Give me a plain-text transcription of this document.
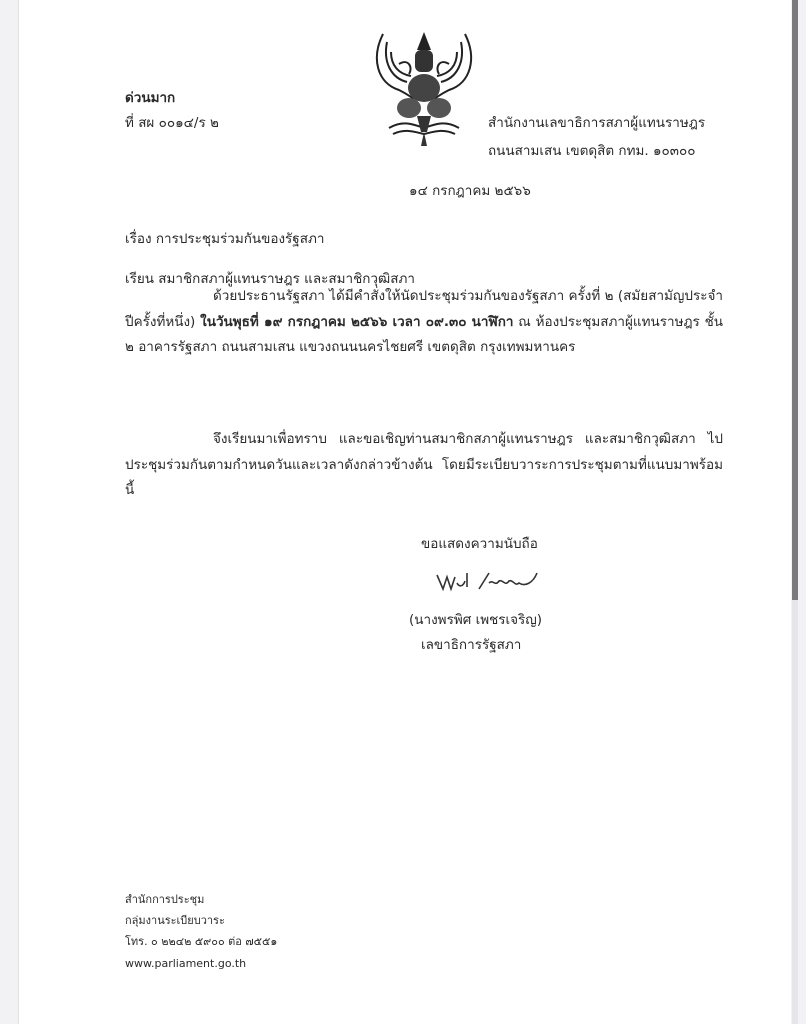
ด่วนมาก
ที่ สผ ๐๐๑๔/ร ๒	สำนักงานเลขาธิการสภาผู้แทนราษฎร
ถนนสามเสน เขตดุสิต กทม. ๑๐๓๐๐
๑๔ กรกฎาคม ๒๕๖๖
เรื่อง การประชุมร่วมกันของรัฐสภา
เรียน สมาชิกสภาผู้แทนราษฎร และสมาชิกวุฒิสภา
ด้วยประธานรัฐสภา ได้มีคำสั่งให้นัดประชุมร่วมกันของรัฐสภา ครั้งที่ ๒ (สมัยสามัญประจำปีครั้งที่หนึ่ง) ในวันพุธที่ ๑๙ กรกฎาคม ๒๕๖๖ เวลา ๐๙.๓๐ นาฬิกา ณ ห้องประชุมสภาผู้แทนราษฎร ชั้น ๒ อาคารรัฐสภา ถนนสามเสน แขวงถนนนครไชยศรี เขตดุสิต กรุงเทพมหานคร
จึงเรียนมาเพื่อทราบ และขอเชิญท่านสมาชิกสภาผู้แทนราษฎร และสมาชิกวุฒิสภา ไปประชุมร่วมกันตามกำหนดวันและเวลาดังกล่าวข้างต้น โดยมีระเบียบวาระการประชุมตามที่แนบมาพร้อมนี้
ขอแสดงความนับถือ
(นางพรพิศ เพชรเจริญ)
เลขาธิการรัฐสภา
สำนักการประชุม
กลุ่มงานระเบียบวาระ
โทร. ๐ ๒๒๔๒ ๕๙๐๐ ต่อ ๗๕๕๑
www.parliament.go.th
